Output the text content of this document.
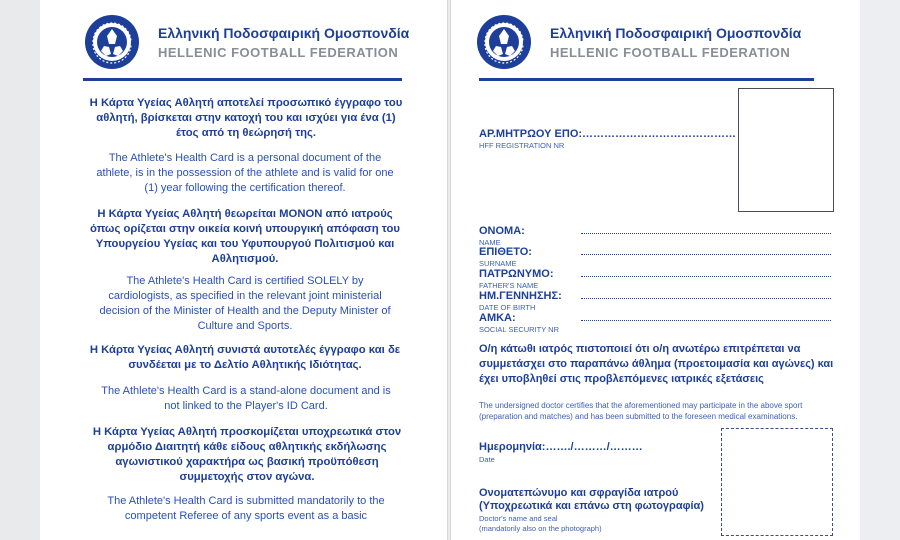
Ελληνική Ποδοσφαιρική Ομοσπονδία
HELLENIC FOOTBALL FEDERATION
Η Κάρτα Υγείας Αθλητή αποτελεί προσωπικό έγγραφο του αθλητή, βρίσκεται στην κατοχή του και ισχύει για ένα (1) έτος από τη θεώρησή της.
The Athlete's Health Card is a personal document of the athlete, is in the possession of the athlete and is valid for one (1) year following the certification thereof.
Η Κάρτα Υγείας Αθλητή θεωρείται ΜΟΝΟΝ από ιατρούς όπως ορίζεται στην οικεία κοινή υπουργική απόφαση του Υπουργείου Υγείας και του Υφυπουργού Πολιτισμού και Αθλητισμού.
The Athlete's Health Card is certified SOLELY by cardiologists, as specified in the relevant joint ministerial decision of the Minister of Health and the Deputy Minister of Culture and Sports.
Η Κάρτα Υγείας Αθλητή συνιστά αυτοτελές έγγραφο και δε συνδέεται με το Δελτίο Αθλητικής Ιδιότητας.
The Athlete's Health Card is a stand-alone document and is not linked to the Player's ID Card.
Η Κάρτα Υγείας Αθλητή προσκομίζεται υποχρεωτικά στον αρμόδιο Διαιτητή κάθε είδους αθλητικής εκδήλωσης αγωνιστικού χαρακτήρα ως βασική προϋπόθεση συμμετοχής στον αγώνα.
The Athlete's Health Card is submitted mandatorily to the competent Referee of any sports event as a basic
Ελληνική Ποδοσφαιρική Ομοσπονδία
HELLENIC FOOTBALL FEDERATION
ΑΡ.ΜΗΤΡΩΟΥ ΕΠΟ:……………………………………
HFF REGISTRATION NR
ΟΝΟΜΑ:
NAME
ΕΠΙΘΕΤΟ:
SURNAME
ΠΑΤΡΩΝΥΜΟ:
FATHER'S NAME
ΗΜ.ΓΕΝΝΗΣΗΣ:
DATE OF BIRTH
ΑΜΚΑ:
SOCIAL SECURITY NR
Ο/η κάτωθι ιατρός πιστοποιεί ότι ο/η ανωτέρω επιτρέπεται να συμμετάσχει στο παραπάνω άθλημα (προετοιμασία και αγώνες) και έχει υποβληθεί στις προβλεπόμενες ιατρικές εξετάσεις
The undersigned doctor certifies that the aforementioned may participate in the above sport (preparation and matches) and has been submitted to the foreseen medical examinations.
Ημερομηνία:……./………/………
Date
Ονοματεπώνυμο και σφραγίδα ιατρού
(Υποχρεωτικά και επάνω στη φωτογραφία)
Doctor's name and seal
(mandatorily also on the photograph)
